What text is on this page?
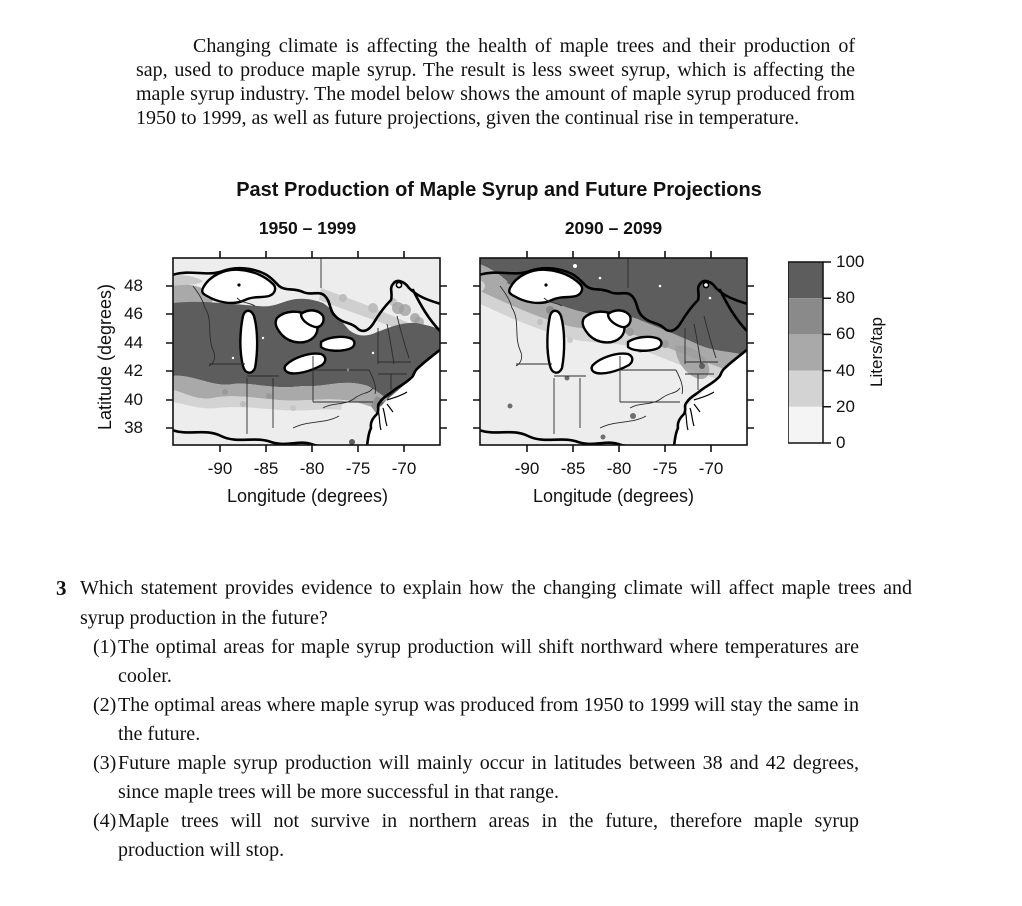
Changing climate is affecting the health of maple trees and their production of sap, used to produce maple syrup. The result is less sweet syrup, which is affecting the maple syrup industry. The model below shows the amount of maple syrup produced from 1950 to 1999, as well as future projections, given the continual rise in temperature.

Past Production of Maple Syrup and Future Projections
1950 – 1999	2090 – 2099
Latitude (degrees) 48
46
44
42
40
38
-90	-85	-80	-75	-70	-90	-85	-80	-75	-70
Longitude (degrees)	Longitude (degrees)
100
80
60
40
20
0
Liters/tap
3 Which statement provides evidence to explain how the changing climate will affect maple trees and syrup production in the future?
(1) The optimal areas for maple syrup production will shift northward where temperatures are cooler.
(2) The optimal areas where maple syrup was produced from 1950 to 1999 will stay the same in the future.
(3) Future maple syrup production will mainly occur in latitudes between 38 and 42 degrees, since maple trees will be more successful in that range.
(4) Maple trees will not survive in northern areas in the future, therefore maple syrup production will stop.
